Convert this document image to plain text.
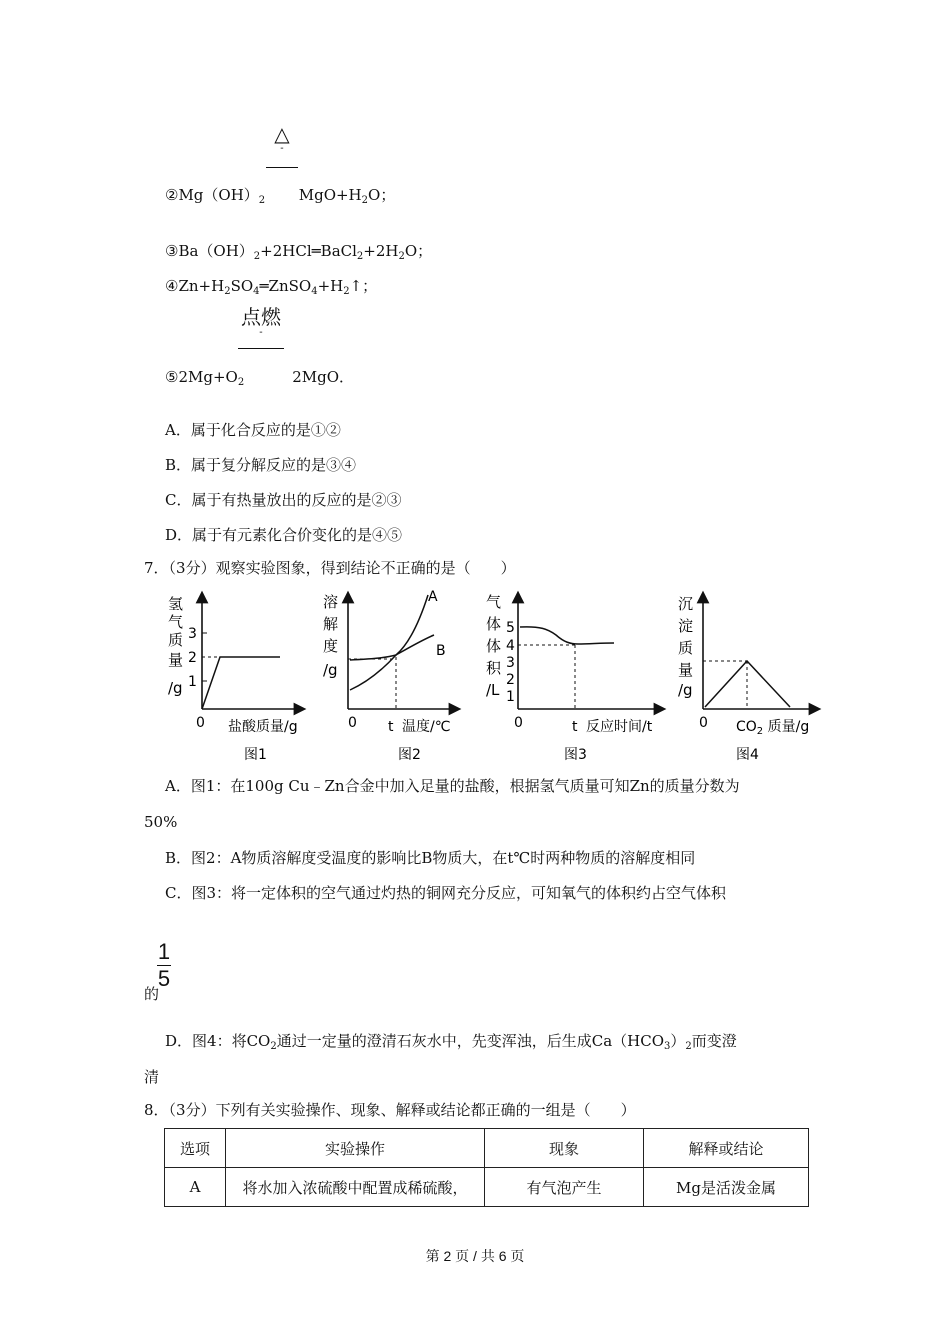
△
-
$②Mg(OH)_2$ $MgO+H_2O$；
$③Ba(OH)_2+2HCl═BaCl_2+2H_2O$；
$④Zn+H_2SO_4═ZnSO_4+H_2↑$；
点燃
-
$⑤2Mg+O_2$	2MgO．
A．属于化合反应的是①②
B．属于复分解反应的是③④
C．属于有热量放出的反应的是②③
D．属于有元素化合价变化的是④⑤
7．（3分）观察实验图象，得到结论不正确的是（　　）
氢
气
质
量
/g
3
2
1
0 盐酸质量/g
图1
溶
解
度
/g
A
B
0 t 温度/℃
图2
气
体
体
积
/L
5
4
3
2
1
0	t 反应时间/t
图3
沉
淀
质
量
/g
0 $CO_2$ 质量/g
图4
A．图1：在100g Cu﹣Zn合金中加入足量的盐酸，根据氢气质量可知Zn的质量分数为
50%
B．图2：A物质溶解度受温度的影响比B物质大，在t℃时两种物质的溶解度相同
C．图3：将一定体积的空气通过灼热的铜网充分反应，可知氧气的体积约占空气体积
1
5
的
D．图4：将$CO_2$通过一定量的澄清石灰水中，先变浑浊，后生成$Ca(HCO_3)_2$而变澄
清
8．（3分）下列有关实验操作、现象、解释或结论都正确的一组是（　　）
选项	实验操作	现象	解释或结论
A	将水加入浓硫酸中配置成稀硫酸，	有气泡产生	Mg是活泼金属
第 2 页 / 共 6 页
